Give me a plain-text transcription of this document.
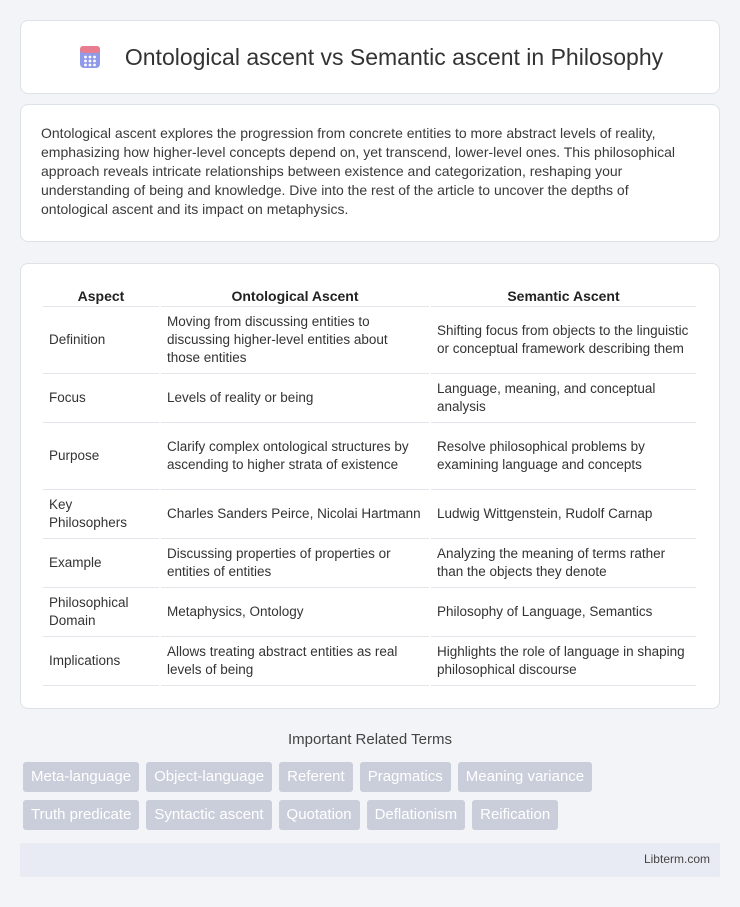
Ontological ascent vs Semantic ascent in Philosophy

Ontological ascent explores the progression from concrete entities to more abstract levels of reality, emphasizing how higher-level concepts depend on, yet transcend, lower-level ones. This philosophical approach reveals intricate relationships between existence and categorization, reshaping your understanding of being and knowledge. Dive into the rest of the article to uncover the depths of ontological ascent and its impact on metaphysics.

Aspect	Ontological Ascent	Semantic Ascent
Definition	Moving from discussing entities to discussing higher-level entities about those entities	Shifting focus from objects to the linguistic or conceptual framework describing them
Focus	Levels of reality or being	Language, meaning, and conceptual analysis
Purpose	Clarify complex ontological structures by ascending to higher strata of existence	Resolve philosophical problems by examining language and concepts
Key Philosophers	Charles Sanders Peirce, Nicolai Hartmann	Ludwig Wittgenstein, Rudolf Carnap
Example	Discussing properties of properties or entities of entities	Analyzing the meaning of terms rather than the objects they denote
Philosophical Domain	Metaphysics, Ontology	Philosophy of Language, Semantics
Implications	Allows treating abstract entities as real levels of being	Highlights the role of language in shaping philosophical discourse
Important Related Terms
Meta-language	Object-language	Referent	Pragmatics	Meaning variance
Truth predicate	Syntactic ascent	Quotation	Deflationism	Reification
Libterm.com
